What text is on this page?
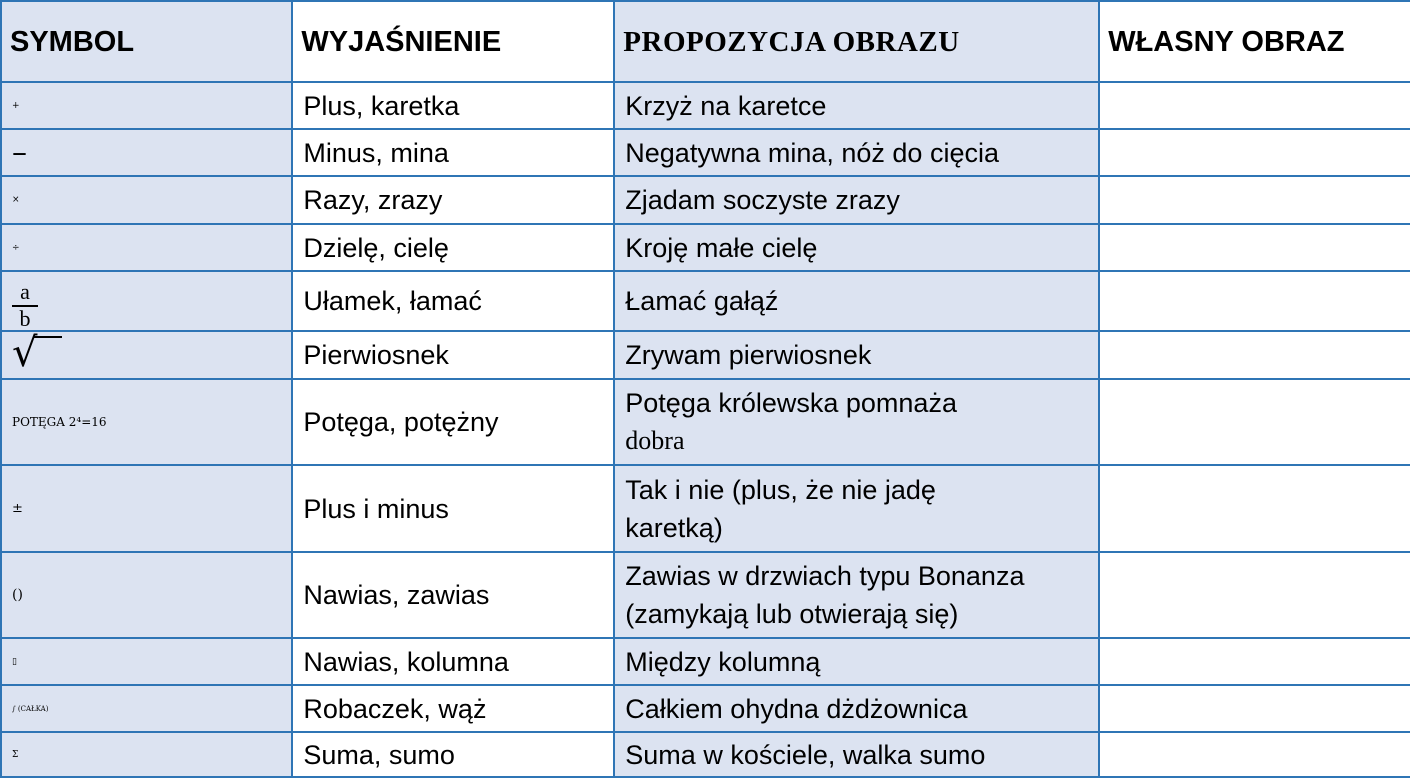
SYMBOL	WYJAŚNIENIE	PROPOZYCJA OBRAZU	WŁASNY OBRAZ
+	Plus, karetka	Krzyż na karetce	
–	Minus, mina	Negatywna mina, nóż do cięcia	
×	Razy, zrazy	Zjadam soczyste zrazy	
÷	Dzielę, cielę	Kroję małe cielę	

$\frac{a}{b}$	Ułamek, łamać	Łamać gałąź	
√	Pierwiosnek	Zrywam pierwiosnek	
POTĘGA 2⁴=16	Potęga, potężny	Potęga królewska pomnaża
dobra	

±	Plus i minus	Tak i nie (plus, że nie jadę
karetką)	

()	Nawias, zawias	Zawias w drzwiach typu Bonanza
(zamykają lub otwierają się)	

▯	Nawias, kolumna	Między kolumną	
∫ (CAŁKA)	Robaczek, wąż	Całkiem ohydna dżdżownica	
Σ	Suma, sumo	Suma w kościele, walka sumo	
